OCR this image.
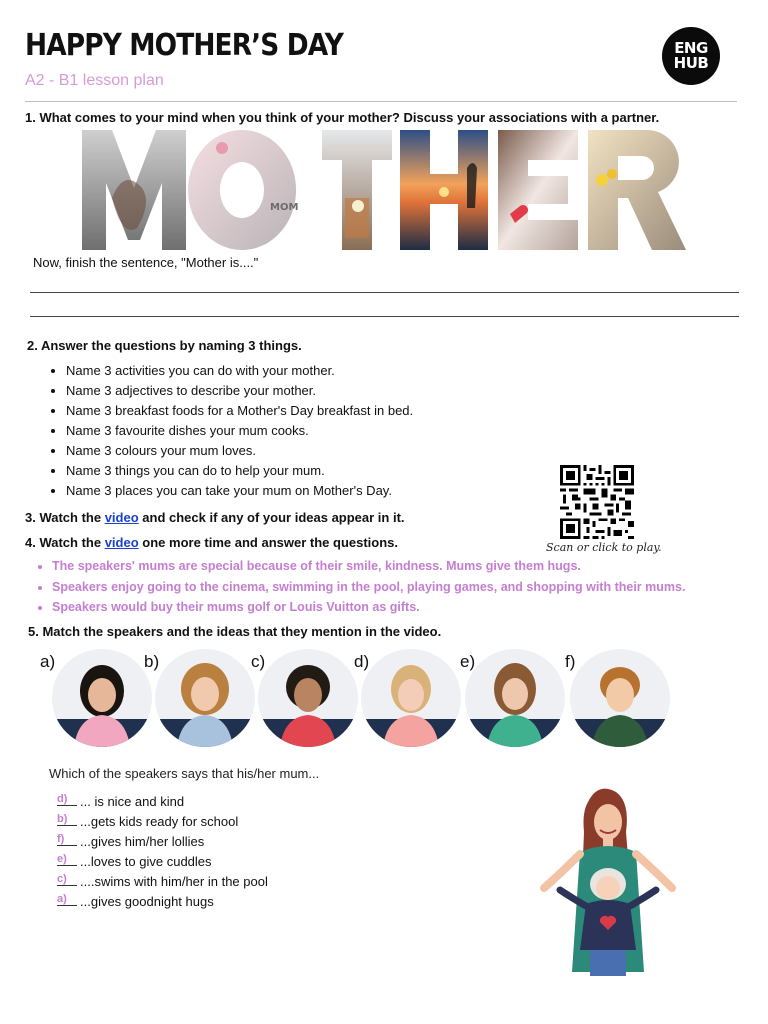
HAPPY MOTHER’S DAY
A2 - B1 lesson plan
ENG
HUB
1. What comes to your mind when you think of your mother? Discuss your associations with a partner.
MOM
Now, finish the sentence, "Mother is...."
2. Answer the questions by naming 3 things.
• Name 3 activities you can do with your mother.
• Name 3 adjectives to describe your mother.
• Name 3 breakfast foods for a Mother's Day breakfast in bed.
• Name 3 favourite dishes your mum cooks.
• Name 3 colours your mum loves.
• Name 3 things you can do to help your mum.
• Name 3 places you can take your mum on Mother's Day.
3. Watch the video and check if any of your ideas appear in it.
4. Watch the video one more time and answer the questions.	Scan or click to play.
• The speakers' mums are special because of their smile, kindness. Mums give them hugs.
• Speakers enjoy going to the cinema, swimming in the pool, playing games, and shopping with their mums.
• Speakers would buy their mums golf or Louis Vuitton as gifts.
5. Match the speakers and the ideas that they mention in the video.
a)	b)	c)	d)	e)	f)
Which of the speakers says that his/her mum...
d) ... is nice and kind
b) ...gets kids ready for school
f) ...gives him/her lollies
e) ...loves to give cuddles
c) ....swims with him/her in the pool
a) ...gives goodnight hugs
